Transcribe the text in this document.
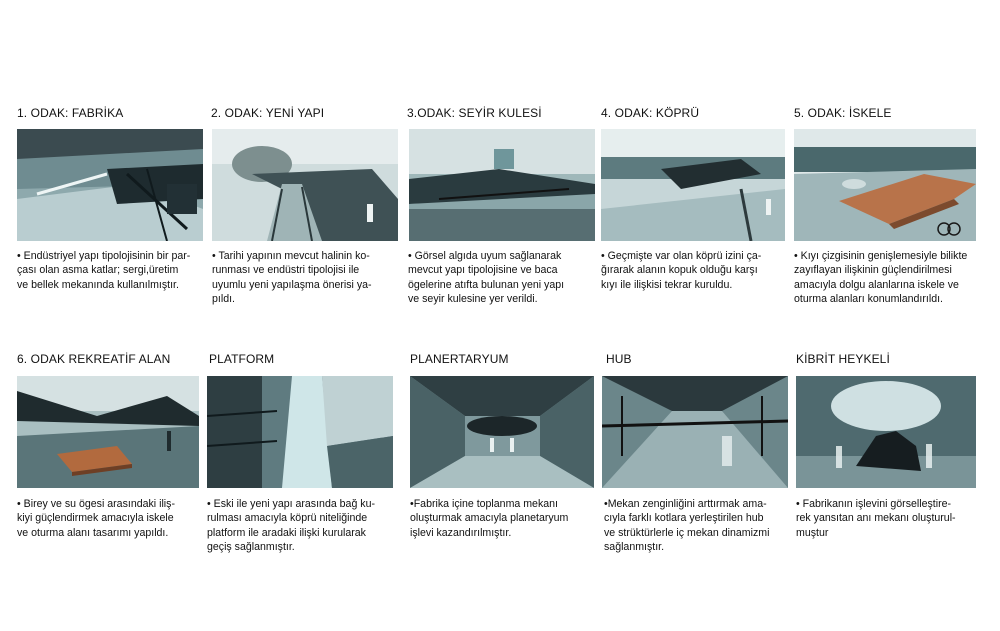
1. ODAK: FABRİKA
• Endüstriyel yapı tipolojisinin bir par-
çası olan asma katlar; sergi,üretim
ve bellek mekanında kullanılmıştır.
2. ODAK: YENİ YAPI
• Tarihi yapının mevcut halinin ko-
runması ve endüstri tipolojisi ile
uyumlu yeni yapılaşma önerisi ya-
pıldı.
3.ODAK: SEYİR KULESİ
• Görsel algıda uyum sağlanarak
mevcut yapı tipolojisine ve baca
ögelerine atıfta bulunan yeni yapı
ve seyir kulesine yer verildi.
4. ODAK: KÖPRÜ
• Geçmişte var olan köprü izini ça-
ğırarak alanın kopuk olduğu karşı
kıyı ile ilişkisi tekrar kuruldu.
5. ODAK: İSKELE
• Kıyı çizgisinin genişlemesiyle bilikte
zayıflayan ilişkinin güçlendirilmesi
amacıyla dolgu alanlarına iskele ve
oturma alanları konumlandırıldı.
6. ODAK REKREATİF ALAN
• Birey ve su ögesi arasındaki iliş-
kiyi güçlendirmek amacıyla iskele
ve oturma alanı tasarımı yapıldı.
PLATFORM
• Eski ile yeni yapı arasında bağ ku-
rulması amacıyla köprü niteliğinde
platform ile aradaki ilişki kurularak
geçiş sağlanmıştır.
PLANERTARYUM
•Fabrika içine toplanma mekanı
oluşturmak amacıyla planetaryum
işlevi kazandırılmıştır.
HUB
•Mekan zenginliğini arttırmak ama-
cıyla farklı kotlara yerleştirilen hub
ve strüktürlerle iç mekan dinamizmi
sağlanmıştır.
KİBRİT HEYKELİ
• Fabrikanın işlevini görselleştire-
rek yansıtan anı mekanı oluşturul-
muştur
